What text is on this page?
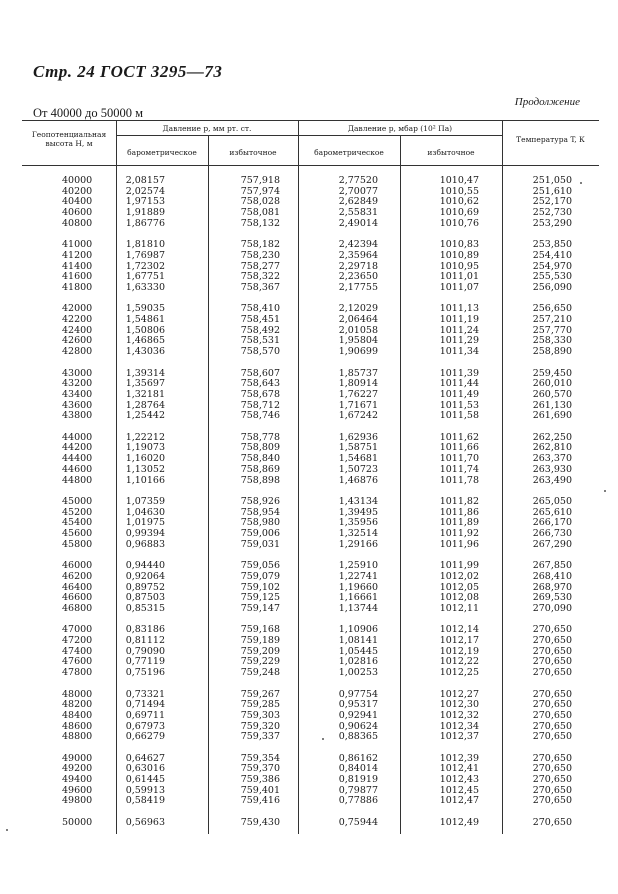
Стр. 24 ГОСТ 3295—73
Продолжение
От 40000 до 50000 м
Геопотенциальная высота H, м
Давление p, мм рт. ст.	Давление p, мбар (10² Па)
барометрическое	избыточное	барометрическое	избыточное
Температура T, К
40000	2,08157	757,918	2,77520	1010,47	251,050
40200	2,02574	757,974	2,70077	1010,55	251,610
40400	1,97153	758,028	2,62849	1010,62	252,170
40600	1,91889	758,081	2,55831	1010,69	252,730
40800	1,86776	758,132	2,49014	1010,76	253,290
41000	1,81810	758,182	2,42394	1010,83	253,850
41200	1,76987	758,230	2,35964	1010,89	254,410
41400	1,72302	758,277	2,29718	1010,95	254,970
41600	1,67751	758,322	2,23650	1011,01	255,530
41800	1,63330	758,367	2,17755	1011,07	256,090
42000	1,59035	758,410	2,12029	1011,13	256,650
42200	1,54861	758,451	2,06464	1011,19	257,210
42400	1,50806	758,492	2,01058	1011,24	257,770
42600	1,46865	758,531	1,95804	1011,29	258,330
42800	1,43036	758,570	1,90699	1011,34	258,890
43000	1,39314	758,607	1,85737	1011,39	259,450
43200	1,35697	758,643	1,80914	1011,44	260,010
43400	1,32181	758,678	1,76227	1011,49	260,570
43600	1,28764	758,712	1,71671	1011,53	261,130
43800	1,25442	758,746	1,67242	1011,58	261,690
44000	1,22212	758,778	1,62936	1011,62	262,250
44200	1,19073	758,809	1,58751	1011,66	262,810
44400	1,16020	758,840	1,54681	1011,70	263,370
44600	1,13052	758,869	1,50723	1011,74	263,930
44800	1,10166	758,898	1,46876	1011,78	263,490
45000	1,07359	758,926	1,43134	1011,82	265,050
45200	1,04630	758,954	1,39495	1011,86	265,610
45400	1,01975	758,980	1,35956	1011,89	266,170
45600	0,99394	759,006	1,32514	1011,92	266,730
45800	0,96883	759,031	1,29166	1011,96	267,290
46000	0,94440	759,056	1,25910	1011,99	267,850
46200	0,92064	759,079	1,22741	1012,02	268,410
46400	0,89752	759,102	1,19660	1012,05	268,970
46600	0,87503	759,125	1,16661	1012,08	269,530
46800	0,85315	759,147	1,13744	1012,11	270,090
47000	0,83186	759,168	1,10906	1012,14	270,650
47200	0,81112	759,189	1,08141	1012,17	270,650
47400	0,79090	759,209	1,05445	1012,19	270,650
47600	0,77119	759,229	1,02816	1012,22	270,650
47800	0,75196	759,248	1,00253	1012,25	270,650
48000	0,73321	759,267	0,97754	1012,27	270,650
48200	0,71494	759,285	0,95317	1012,30	270,650
48400	0,69711	759,303	0,92941	1012,32	270,650
48600	0,67973	759,320	0,90624	1012,34	270,650
48800	0,66279	759,337	0,88365	1012,37	270,650
49000	0,64627	759,354	0,86162	1012,39	270,650
49200	0,63016	759,370	0,84014	1012,41	270,650
49400	0,61445	759,386	0,81919	1012,43	270,650
49600	0,59913	759,401	0,79877	1012,45	270,650
49800	0,58419	759,416	0,77886	1012,47	270,650
50000	0,56963	759,430	0,75944	1012,49	270,650
